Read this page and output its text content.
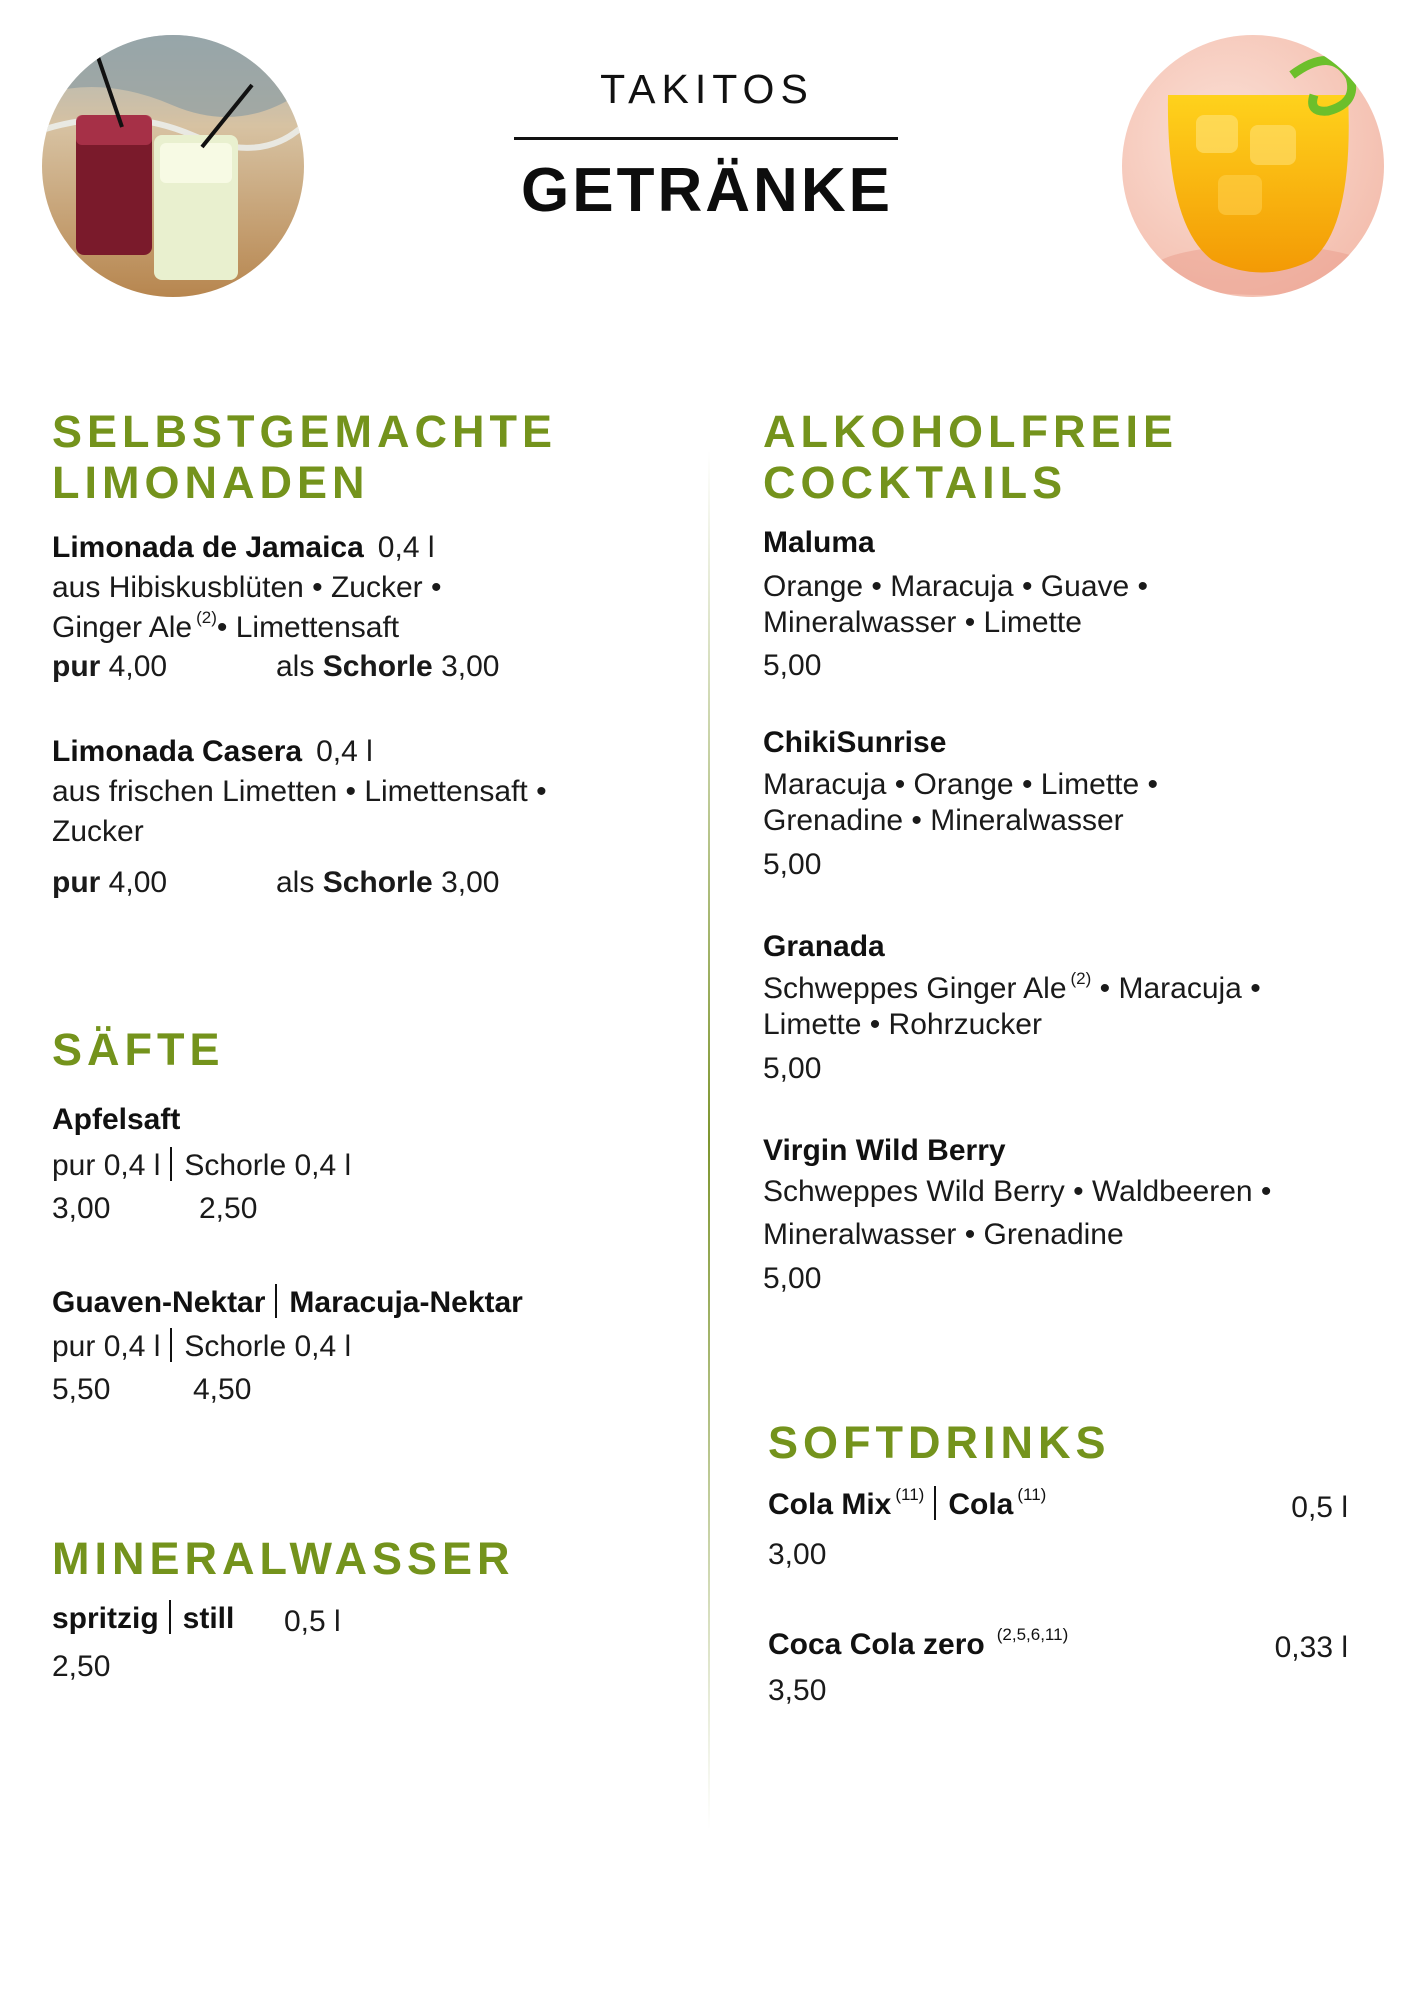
TAKITOS
GETRÄNKE
SELBSTGEMACHTE LIMONADEN
Limonada de Jamaica 0,4 l
aus Hibiskusblüten • Zucker •
Ginger Ale $^{(2)}$• Limettensaft
pur 4,00	als Schorle 3,00
Limonada Casera 0,4 l
aus frischen Limetten • Limettensaft •
Zucker
pur 4,00	als Schorle 3,00
SÄFTE
Apfelsaft
pur 0,4 l Schorle 0,4 l
3,00	2,50
Guaven-Nektar Maracuja-Nektar
pur 0,4 l Schorle 0,4 l
5,50	4,50
MINERALWASSER
spritzig still	0,5 l
2,50
ALKOHOLFREIE COCKTAILS
Maluma
Orange • Maracuja • Guave •
Mineralwasser • Limette
5,00
ChikiSunrise
Maracuja • Orange • Limette •
Grenadine • Mineralwasser
5,00
Granada
Schweppes Ginger Ale $^{(2)}$ • Maracuja •
Limette • Rohrzucker
5,00
Virgin Wild Berry
Schweppes Wild Berry • Waldbeeren •
Mineralwasser • Grenadine
5,00
SOFTDRINKS
Cola Mix $^{(11)}$ Cola $^{(11)}$	0,5 l
3,00
Coca Cola zero $^{(2,5,6,11)}$	0,33 l
3,50
